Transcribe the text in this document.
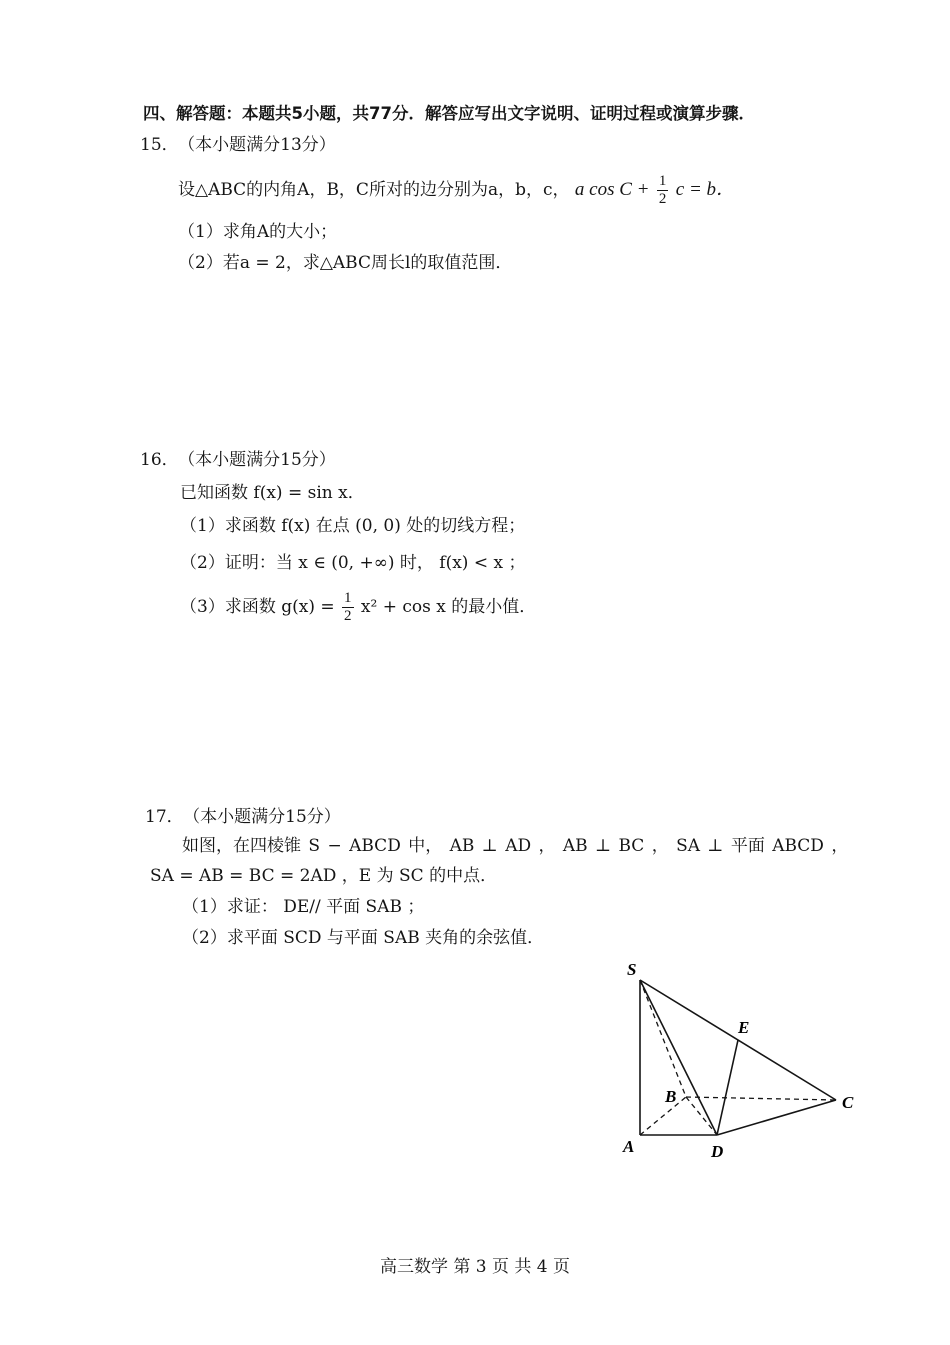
四、解答题：本题共5小题，共77分．解答应写出文字说明、证明过程或演算步骤．
15． （本小题满分13分）
设△ABC的内角A，B，C所对的边分别为a，b，c， a $\cos C + \frac{1}{2}$ c = b．
（1）求角A的大小；
（2）若a = 2，求△ABC周长l的取值范围．
16． （本小题满分15分）
已知函数 f(x) = sin x．
（1）求函数 f(x) 在点 (0, 0) 处的切线方程；
（2）证明：当 x ∈ (0, +∞) 时， f(x) < x ；
（3）求函数 $g(x) = \frac{1}{2} x^2 + \cos x$ 的最小值．
17． （本小题满分15分）
如图，在四棱锥 S − ABCD 中， AB ⊥ AD ， AB ⊥ BC ， SA ⊥ 平面 ABCD ，
SA = AB = BC = 2AD ，E 为 SC 的中点．
（1）求证： DE// 平面 SAB ；
（2）求平面 SCD 与平面 SAB 夹角的余弦值．
S
E
B	C
A	D
高三数学 第 3 页 共 4 页
